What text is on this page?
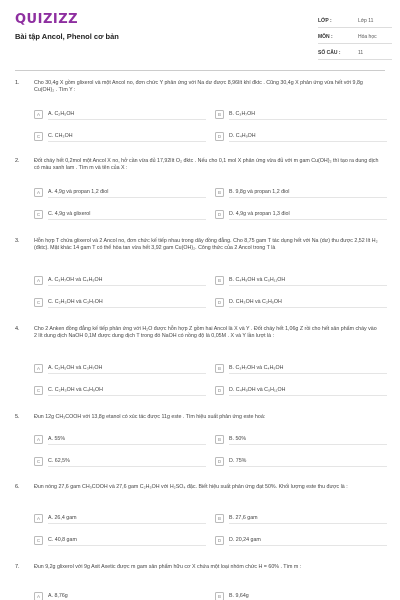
QUIZIZZ
Bài tập Ancol, Phenol cơ bản
LỚP :	Lớp 11
MÔN :	Hóa học
SỐ CÂU :	11
1.	Cho 30,4g X gồm glixerol và một Ancol no, đơn chức Y phản ứng với Na dư được 8,96lít khí đktc . Cũng 30,4g X phản ứng vừa hết với 9,8g Cu(OH)₂ . Tìm Y :
A	A. C₂H₅OH	B	B. C₃H₇OH
C	C. CH₃OH	D	D. C₄H₉OH
2.	Đốt cháy hết 0,2mol một Ancol X no, hở cần vừa đủ 17,92lít O₂ đktc . Nếu cho 0,1 mol X phản ứng vừa đủ với m gam Cu(OH)₂ thì tạo ra dung dịch có màu xanh lam . Tìm m và tên của X :
A	A. 4,9g và propan 1,2 điol	B	B. 9,8g và propan 1,2 điol
C	C. 4,9g và glixerol	D	D. 4,9g và propan 1,3 điol
3.	Hỗn hợp T chứa glixerol và 2 Ancol no, đơn chức kế tiếp nhau trong dãy đồng đẳng. Cho 8,75 gam T tác dụng hết với Na (dư) thu được 2,52 lít H₂ (đktc). Mặt khác 14 gam T có thể hòa tan vừa hết 3,92 gam Cu(OH)₂. Công thức của 2 Ancol trong T là
A	A. C₃H₇OH và C₄H₉OH	B	B. C₄H₉OH và C₅H₁₁OH
C	C. C₂H₅OH và C₃H₇OH	D	D. CH₃OH và C₂H₅OH
4.	Cho 2 Anken đồng đẳng kế tiếp phản ứng với H₂O được hỗn hợp Z gồm hai Ancol là X và Y . Đốt cháy hết 1,06g Z rồi cho hết sản phẩm cháy vào 2 lít dung dịch NaOH 0,1M được dung dịch T trong đó NaOH có nồng độ là 0,05M . X và Y lần lượt là :
A	A. C₂H₅OH và C₃H₇OH	B	B. C₃H₇OH và C₄H₉OH
C	C. C₂H₅OH và C₄H₉OH	D	D. C₄H₉OH và C₅H₁₁OH
5.	Đun 12g CH₃COOH với 13,8g etanol có xúc tác được 11g este . Tìm hiệu suất phản ứng este hoá:
A	A. 55%	B	B. 50%
C	C. 62,5%	D	D. 75%
6.	Đun nóng 27,6 gam CH₃COOH và 27,6 gam C₂H₅OH với H₂SO₄ đặc. Biết hiệu suất phản ứng đạt 50%. Khối lượng este thu được là :
A	A. 26,4 gam	B	B. 27,6 gam
C	C. 40,8 gam	D	D. 20,24 gam
7.	Đun 9,2g glixerol với 9g Axit Axetic được m gam sản phẩm hữu cơ X chứa một loại nhóm chức H = 60% . Tìm m :
A	A. 8,76g	B	B. 9,64g
